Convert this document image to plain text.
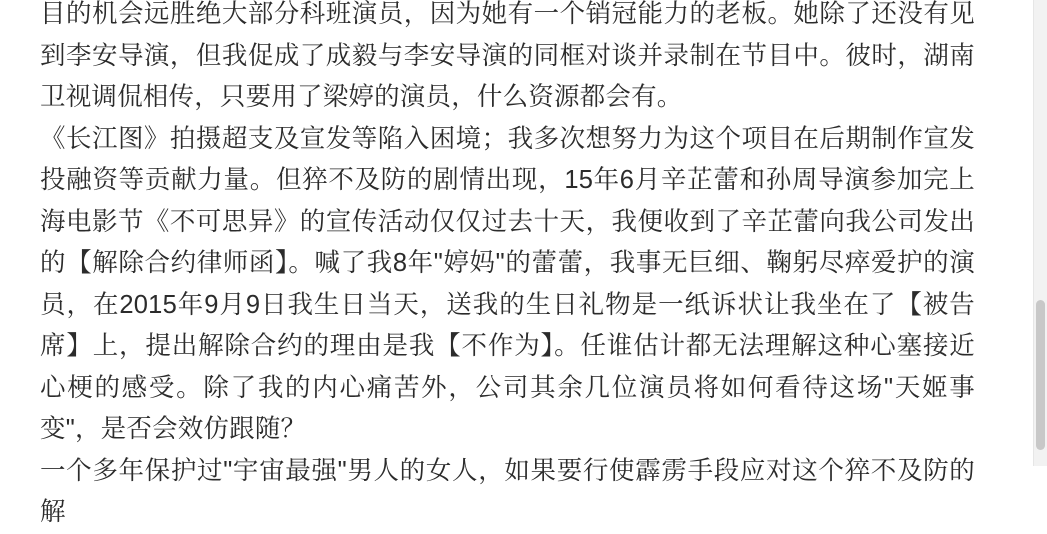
目的机会远胜绝大部分科班演员，因为她有一个销冠能力的老板。她除了还没有见到李安导演，但我促成了成毅与李安导演的同框对谈并录制在节目中。彼时，湖南卫视调侃相传，只要用了梁婷的演员，什么资源都会有。

《长江图》拍摄超支及宣发等陷入困境；我多次想努力为这个项目在后期制作宣发投融资等贡献力量。但猝不及防的剧情出现，15年6月辛芷蕾和孙周导演参加完上海电影节《不可思异》的宣传活动仅仅过去十天，我便收到了辛芷蕾向我公司发出的【解除合约律师函】。喊了我8年"婷妈"的蕾蕾，我事无巨细、鞠躬尽瘁爱护的演员，在2015年9月9日我生日当天，送我的生日礼物是一纸诉状让我坐在了【被告席】上，提出解除合约的理由是我【不作为】。任谁估计都无法理解这种心塞接近心梗的感受。除了我的内心痛苦外，公司其余几位演员将如何看待这场"天姬事变"，是否会效仿跟随？

一个多年保护过"宇宙最强"男人的女人，如果要行使霹雳手段应对这个猝不及防的解
